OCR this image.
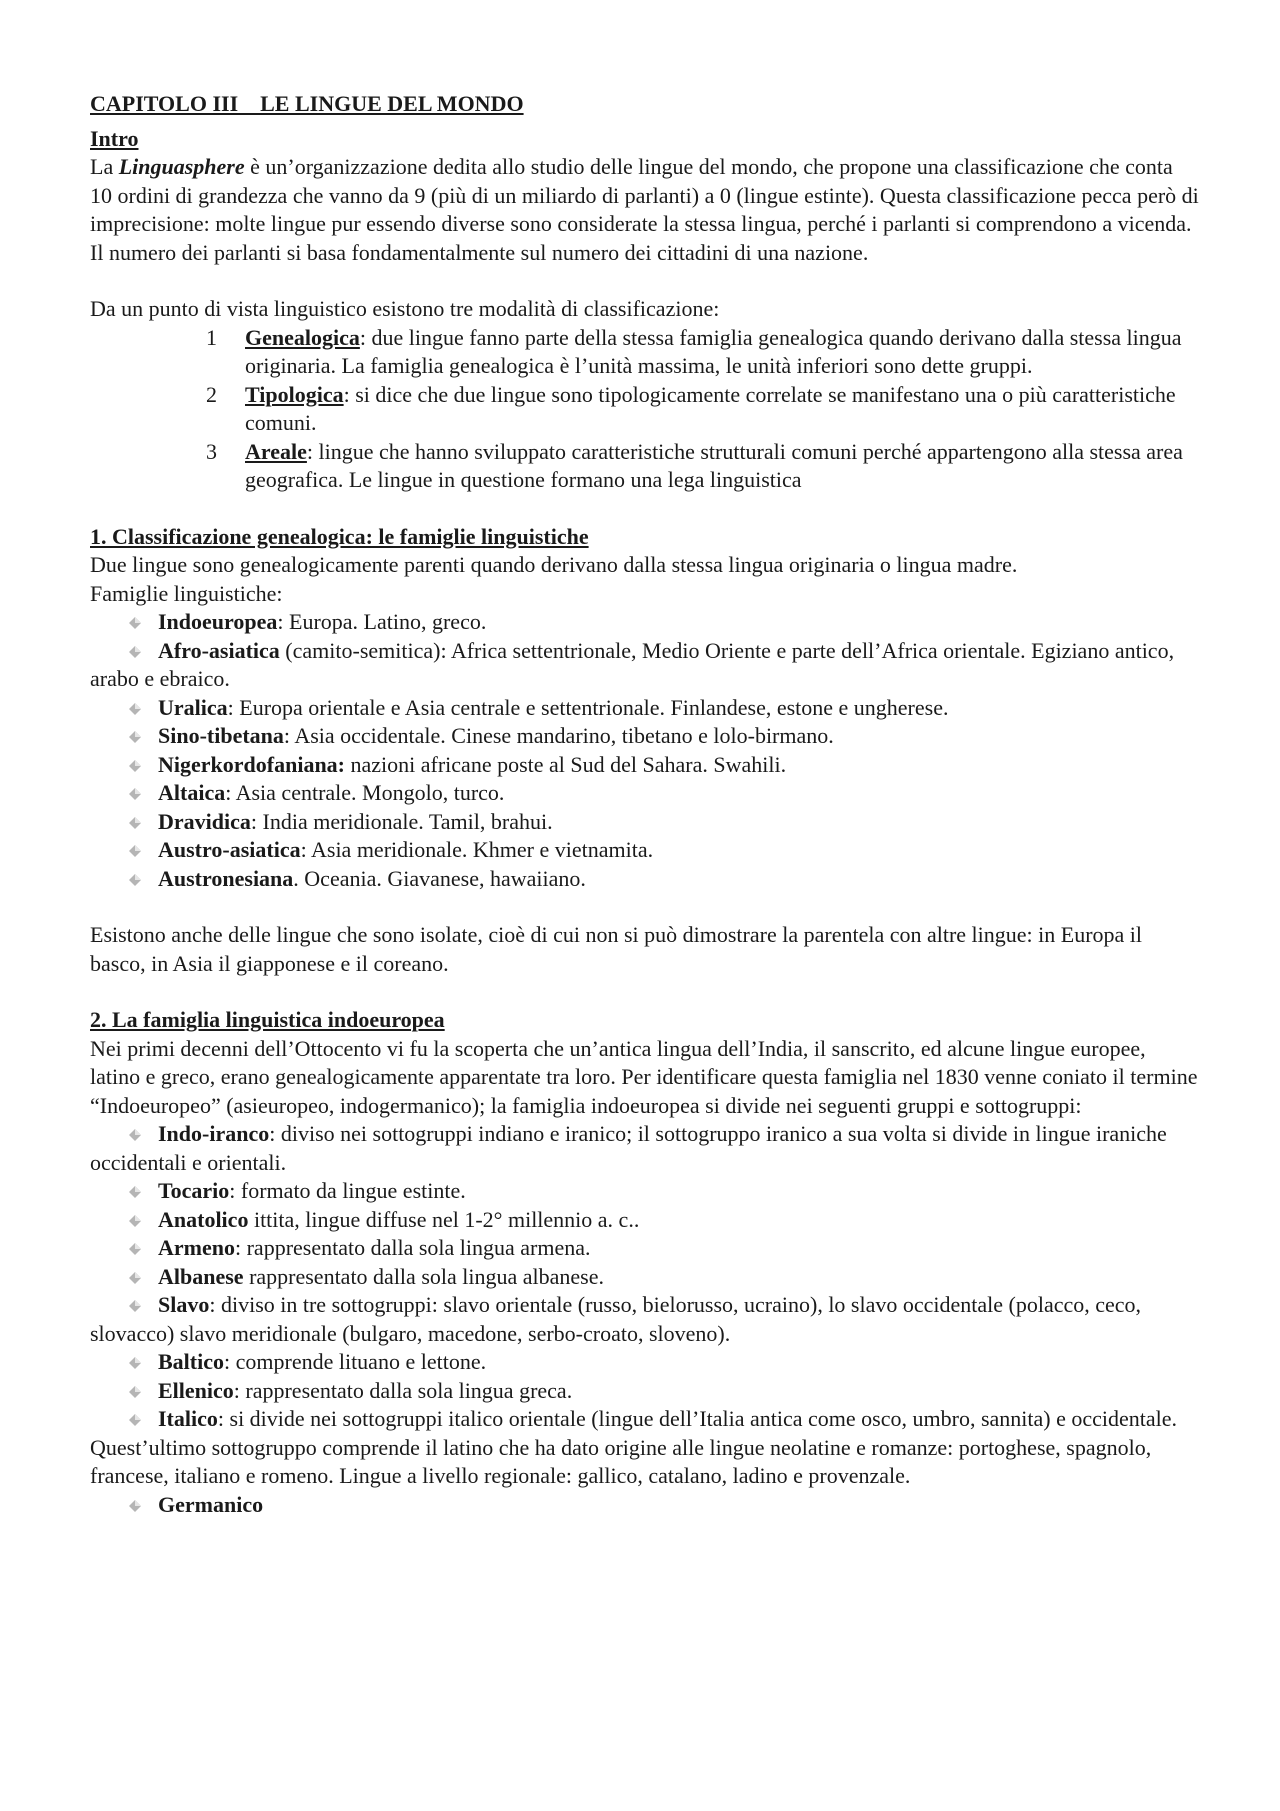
CAPITOLO III    LE LINGUE DEL MONDO
Intro

La Linguasphere è un’organizzazione dedita allo studio delle lingue del mondo, che propone una classificazione che conta 10 ordini di grandezza che vanno da 9 (più di un miliardo di parlanti) a 0 (lingue estinte). Questa classificazione pecca però di imprecisione: molte lingue pur essendo diverse sono considerate la stessa lingua, perché i parlanti si comprendono a vicenda. Il numero dei parlanti si basa fondamentalmente sul numero dei cittadini di una nazione.

Da un punto di vista linguistico esistono tre modalità di classificazione:

1 Genealogica: due lingue fanno parte della stessa famiglia genealogica quando derivano dalla stessa lingua originaria. La famiglia genealogica è l’unità massima, le unità inferiori sono dette gruppi.
2 Tipologica: si dice che due lingue sono tipologicamente correlate se manifestano una o più caratteristiche comuni.
3 Areale: lingue che hanno sviluppato caratteristiche strutturali comuni perché appartengono alla stessa area geografica. Le lingue in questione formano una lega linguistica
1. Classificazione genealogica: le famiglie linguistiche

Due lingue sono genealogicamente parenti quando derivano dalla stessa lingua originaria o lingua madre.

Famiglie linguistiche:

Indoeuropea: Europa. Latino, greco.
Afro-asiatica (camito-semitica): Africa settentrionale, Medio Oriente e parte dell’Africa orientale. Egiziano antico, arabo e ebraico.
Uralica: Europa orientale e Asia centrale e settentrionale. Finlandese, estone e ungherese.
Sino-tibetana: Asia occidentale. Cinese mandarino, tibetano e lolo-birmano.
Nigerkordofaniana: nazioni africane poste al Sud del Sahara. Swahili.
Altaica: Asia centrale. Mongolo, turco.
Dravidica: India meridionale. Tamil, brahui.
Austro-asiatica: Asia meridionale. Khmer e vietnamita.
Austronesiana. Oceania. Giavanese, hawaiiano.

Esistono anche delle lingue che sono isolate, cioè di cui non si può dimostrare la parentela con altre lingue: in Europa il basco, in Asia il giapponese e il coreano.

2. La famiglia linguistica indoeuropea

Nei primi decenni dell’Ottocento vi fu la scoperta che un’antica lingua dell’India, il sanscrito, ed alcune lingue europee, latino e greco, erano genealogicamente apparentate tra loro. Per identificare questa famiglia nel 1830 venne coniato il termine “Indoeuropeo” (asieuropeo, indogermanico); la famiglia indoeuropea si divide nei seguenti gruppi e sottogruppi:

Indo-iranco: diviso nei sottogruppi indiano e iranico; il sottogruppo iranico a sua volta si divide in lingue iraniche occidentali e orientali.
Tocario: formato da lingue estinte.
Anatolico ittita, lingue diffuse nel 1-2° millennio a. c..
Armeno: rappresentato dalla sola lingua armena.
Albanese rappresentato dalla sola lingua albanese.
Slavo: diviso in tre sottogruppi: slavo orientale (russo, bielorusso, ucraino), lo slavo occidentale (polacco, ceco, slovacco) slavo meridionale (bulgaro, macedone, serbo-croato, sloveno).
Baltico: comprende lituano e lettone.
Ellenico: rappresentato dalla sola lingua greca.
Italico: si divide nei sottogruppi italico orientale (lingue dell’Italia antica come osco, umbro, sannita) e occidentale. Quest’ultimo sottogruppo comprende il latino che ha dato origine alle lingue neolatine e romanze: portoghese, spagnolo, francese, italiano e romeno. Lingue a livello regionale: gallico, catalano, ladino e provenzale.
Germanico
